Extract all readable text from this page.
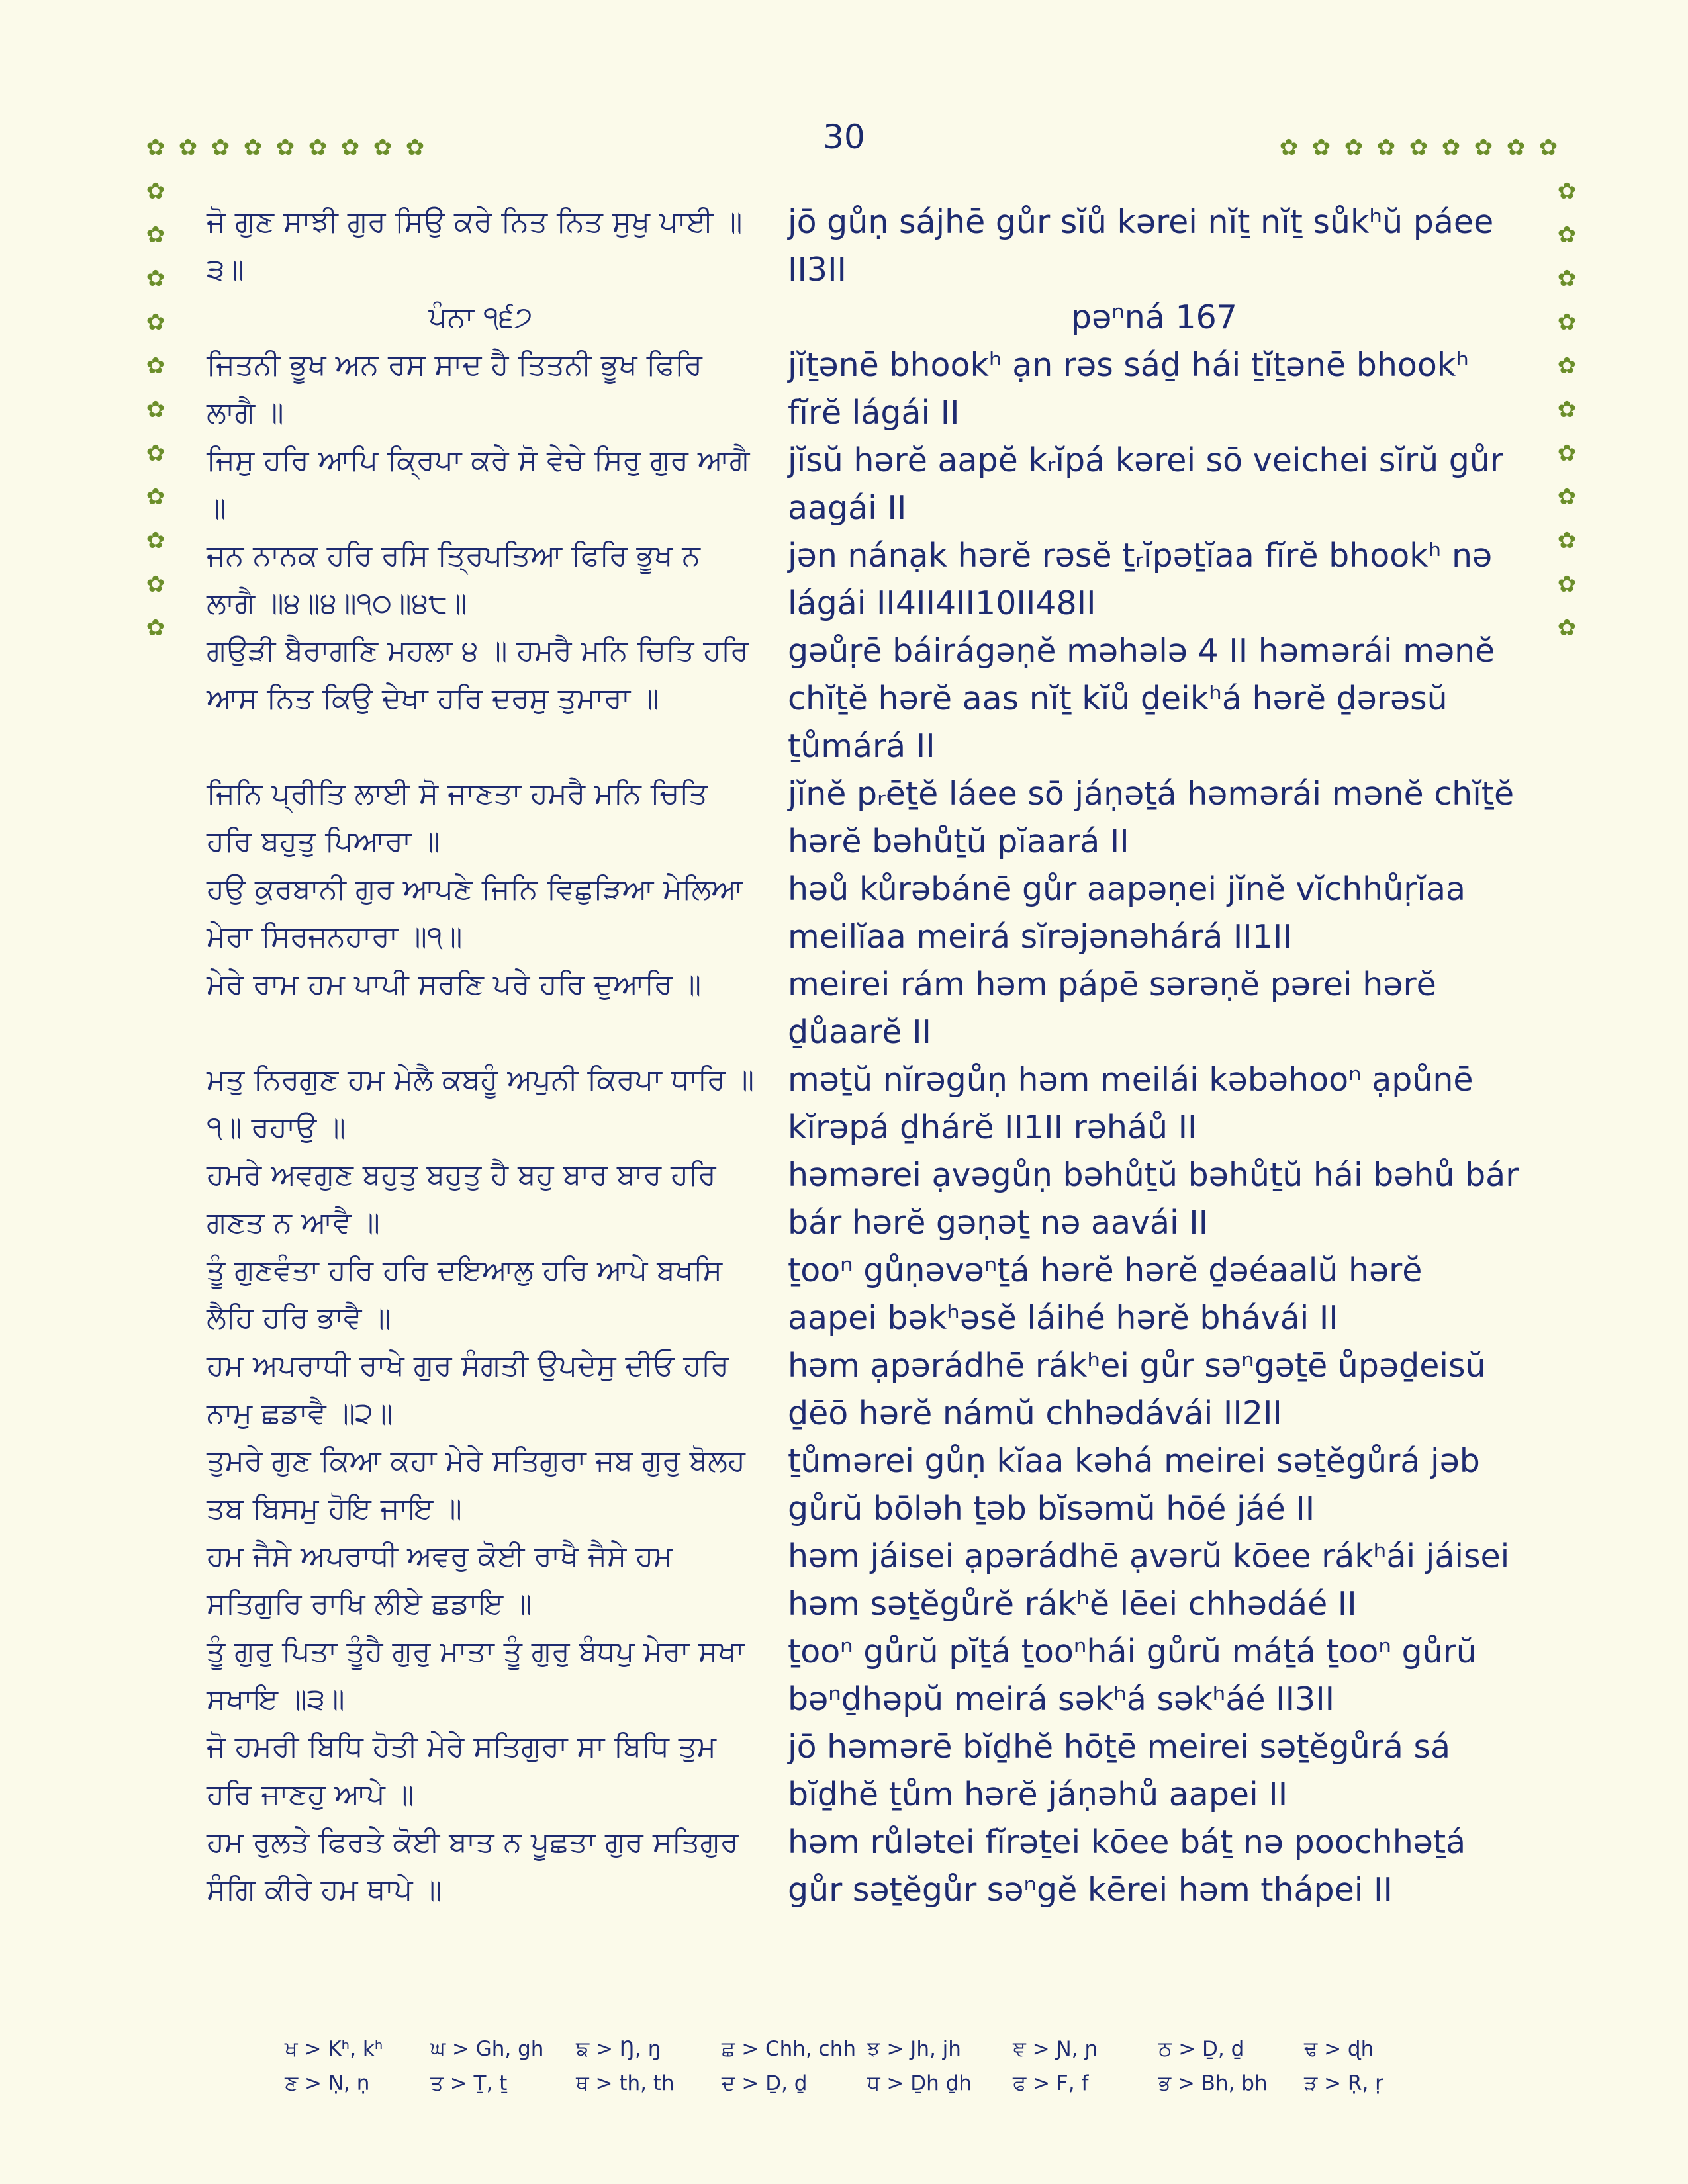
30
✿ ✿ ✿ ✿ ✿ ✿ ✿ ✿ ✿	✿ ✿ ✿ ✿ ✿ ✿ ✿ ✿ ✿
✿
✿
✿
✿
✿
✿
✿
✿
✿
✿
✿
✿
✿
✿
✿
✿
✿
✿
✿
✿
✿
✿
ਜੋ ਗੁਣ ਸਾਝੀ ਗੁਰ ਸਿਉ ਕਰੇ ਨਿਤ ਨਿਤ ਸੁਖੁ ਪਾਈ ॥੩॥
jō gůṇ sájhē gůr sĭů kərei nĭṯ nĭṯ sůkʰŭ páee II3II
ਪੰਨਾ ੧੬੭	pəⁿná 167
ਜਿਤਨੀ ਭੂਖ ਅਨ ਰਸ ਸਾਦ ਹੈ ਤਿਤਨੀ ਭੂਖ ਫਿਰਿ ਲਾਗੈ ॥
jĭṯənē bhookʰ ạn rəs sáḏ hái ṯĭṯənē bhookʰ fĭrĕ lágái II
ਜਿਸੁ ਹਰਿ ਆਪਿ ਕ੍ਰਿਪਾ ਕਰੇ ਸੋ ਵੇਚੇ ਸਿਰੁ ਗੁਰ ਆਗੈ ॥
jĭsŭ hərĕ aapĕ kᵣĭpá kərei sō veichei sĭrŭ gůr aagái II
ਜਨ ਨਾਨਕ ਹਰਿ ਰਸਿ ਤ੍ਰਿਪਤਿਆ ਫਿਰਿ ਭੂਖ ਨ ਲਾਗੈ ॥੪॥੪॥੧੦॥੪੮॥
jən nánạk hərĕ rəsĕ ṯᵣĭpəṯĭaa fĭrĕ bhookʰ nə lágái II4II4II10II48II
ਗਉੜੀ ਬੈਰਾਗਣਿ ਮਹਲਾ ੪ ॥ ਹਮਰੈ ਮਨਿ ਚਿਤਿ ਹਰਿ ਆਸ ਨਿਤ ਕਿਉ ਦੇਖਾ ਹਰਿ ਦਰਸੁ ਤੁਮਾਰਾ ॥
gəůṛē báirágəṇĕ məhələ 4 II həmərái mənĕ chĭṯĕ hərĕ aas nĭṯ kĭů ḏeikʰá hərĕ ḏərəsŭ ṯůmárá II
ਜਿਨਿ ਪ੍ਰੀਤਿ ਲਾਈ ਸੋ ਜਾਣਤਾ ਹਮਰੈ ਮਨਿ ਚਿਤਿ ਹਰਿ ਬਹੁਤੁ ਪਿਆਰਾ ॥
jĭnĕ pᵣēṯĕ láee sō jáṇəṯá həmərái mənĕ chĭṯĕ hərĕ bəhůṯŭ pĭaará II
ਹਉ ਕੁਰਬਾਨੀ ਗੁਰ ਆਪਣੇ ਜਿਨਿ ਵਿਛੁੜਿਆ ਮੇਲਿਆ ਮੇਰਾ ਸਿਰਜਨਹਾਰਾ ॥੧॥
həů kůrəbánē gůr aapəṇei jĭnĕ vĭchhůṛĭaa meilĭaa meirá sĭrəjənəhárá II1II
ਮੇਰੇ ਰਾਮ ਹਮ ਪਾਪੀ ਸਰਣਿ ਪਰੇ ਹਰਿ ਦੁਆਰਿ ॥	meirei rám həm pápē sərəṇĕ pərei hərĕ ḏůaarĕ II
ਮਤੁ ਨਿਰਗੁਣ ਹਮ ਮੇਲੈ ਕਬਹੂੰ ਅਪੁਨੀ ਕਿਰਪਾ ਧਾਰਿ ॥੧॥ ਰਹਾਉ ॥
məṯŭ nĭrəgůṇ həm meilái kəbəhooⁿ ạpůnē kĭrəpá ḏhárĕ II1II rəháů II
ਹਮਰੇ ਅਵਗੁਣ ਬਹੁਤੁ ਬਹੁਤੁ ਹੈ ਬਹੁ ਬਾਰ ਬਾਰ ਹਰਿ ਗਣਤ ਨ ਆਵੈ ॥
həmərei ạvəgůṇ bəhůṯŭ bəhůṯŭ hái bəhů bár bár hərĕ gəṇəṯ nə aavái II
ਤੂੰ ਗੁਣਵੰਤਾ ਹਰਿ ਹਰਿ ਦਇਆਲੁ ਹਰਿ ਆਪੇ ਬਖਸਿ ਲੈਹਿ ਹਰਿ ਭਾਵੈ ॥
ṯooⁿ gůṇəvəⁿṯá hərĕ hərĕ ḏəéaalŭ hərĕ aapei bəkʰəsĕ láihé hərĕ bhávái II
ਹਮ ਅਪਰਾਧੀ ਰਾਖੇ ਗੁਰ ਸੰਗਤੀ ਉਪਦੇਸੁ ਦੀਓ ਹਰਿ ਨਾਮੁ ਛਡਾਵੈ ॥੨॥
həm ạpərádhē rákʰei gůr səⁿgəṯē ůpəḏeisŭ ḏēō hərĕ námŭ chhədávái II2II
ਤੁਮਰੇ ਗੁਣ ਕਿਆ ਕਹਾ ਮੇਰੇ ਸਤਿਗੁਰਾ ਜਬ ਗੁਰੁ ਬੋਲਹ ਤਬ ਬਿਸਮੁ ਹੋਇ ਜਾਇ ॥
ṯůmərei gůṇ kĭaa kəhá meirei səṯĕgůrá jəb gůrŭ bōləh ṯəb bĭsəmŭ hōé jáé II
ਹਮ ਜੈਸੇ ਅਪਰਾਧੀ ਅਵਰੁ ਕੋਈ ਰਾਖੈ ਜੈਸੇ ਹਮ ਸਤਿਗੁਰਿ ਰਾਖਿ ਲੀਏ ਛਡਾਇ ॥
həm jáisei ạpərádhē ạvərŭ kōee rákʰái jáisei həm səṯĕgůrĕ rákʰĕ lēei chhədáé II
ਤੂੰ ਗੁਰੁ ਪਿਤਾ ਤੂੰਹੈ ਗੁਰੁ ਮਾਤਾ ਤੂੰ ਗੁਰੁ ਬੰਧਪੁ ਮੇਰਾ ਸਖਾ ਸਖਾਇ ॥੩॥
ṯooⁿ gůrŭ pĭṯá ṯooⁿhái gůrŭ máṯá ṯooⁿ gůrŭ bəⁿḏhəpŭ meirá səkʰá səkʰáé II3II
ਜੋ ਹਮਰੀ ਬਿਧਿ ਹੋਤੀ ਮੇਰੇ ਸਤਿਗੁਰਾ ਸਾ ਬਿਧਿ ਤੁਮ ਹਰਿ ਜਾਣਹੁ ਆਪੇ ॥
jō həmərē bĭḏhĕ hōṯē meirei səṯĕgůrá sá bĭḏhĕ ṯům hərĕ jáṇəhů aapei II
ਹਮ ਰੁਲਤੇ ਫਿਰਤੇ ਕੋਈ ਬਾਤ ਨ ਪੂਛਤਾ ਗੁਰ ਸਤਿਗੁਰ ਸੰਗਿ ਕੀਰੇ ਹਮ ਥਾਪੇ ॥
həm růlətei fĭrəṯei kōee báṯ nə poochhəṯá gůr səṯĕgůr səⁿgĕ kērei həm thápei II
ਖ > Kʰ, kʰ	ਘ > Gh, gh	ਙ > Ŋ, ŋ	ਛ > Chh, chh ਝ > Jh, jh	ਞ > Ɲ, ɲ	ਠ > Ḏ, ḏ	ਢ > ɖh
ਣ > Ṇ, ṇ	ਤ > Ṯ, ṯ	ਥ > th, th	ਦ > Ḏ, ḏ	ਧ > Ḏh ḏh	ਫ > F, f	ਭ > Bh, bh	ੜ > Ṛ, ṛ
